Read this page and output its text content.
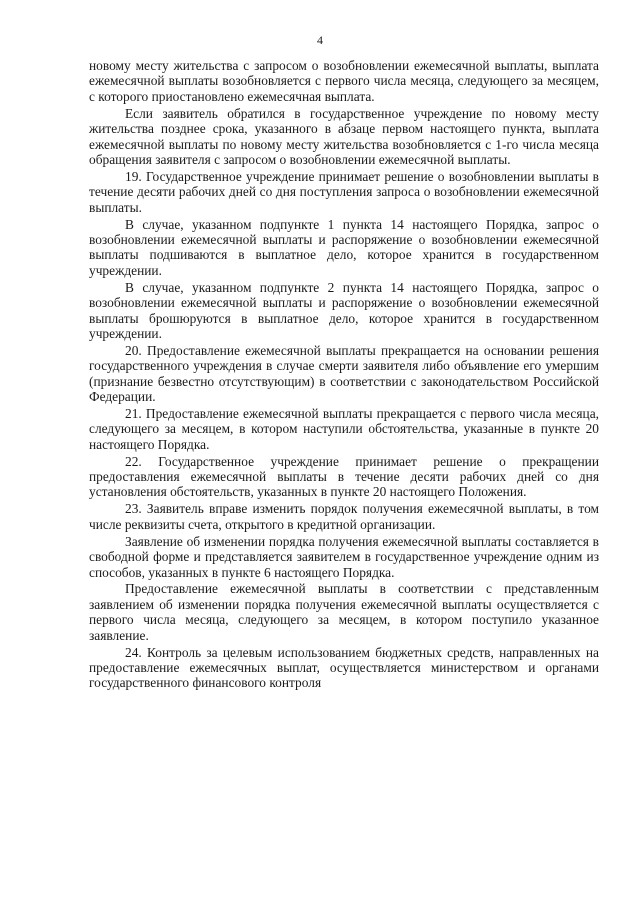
4

новому месту жительства с запросом о возобновлении ежемесячной выплаты, выплата ежемесячной выплаты возобновляется с первого числа месяца, следующего за месяцем, с которого приостановлено ежемесячная выплата.

Если заявитель обратился в государственное учреждение по новому месту жительства позднее срока, указанного в абзаце первом настоящего пункта, выплата ежемесячной выплаты по новому месту жительства возобновляется с 1-го числа месяца обращения заявителя с запросом о возобновлении ежемесячной выплаты.

19. Государственное учреждение принимает решение о возобновлении выплаты в течение десяти рабочих дней со дня поступления запроса о возобновлении ежемесячной выплаты.

В случае, указанном подпункте 1 пункта 14 настоящего Порядка, запрос о возобновлении ежемесячной выплаты и распоряжение о возобновлении ежемесячной выплаты подшиваются в выплатное дело, которое хранится в государственном учреждении.

В случае, указанном подпункте 2 пункта 14 настоящего Порядка, запрос о возобновлении ежемесячной выплаты и распоряжение о возобновлении ежемесячной выплаты брошюруются в выплатное дело, которое хранится в государственном учреждении.

20. Предоставление ежемесячной выплаты прекращается на основании решения государственного учреждения в случае смерти заявителя либо объявление его умершим (признание безвестно отсутствующим) в соответствии с законодательством Российской Федерации.

21. Предоставление ежемесячной выплаты прекращается с первого числа месяца, следующего за месяцем, в котором наступили обстоятельства, указанные в пункте 20 настоящего Порядка.

22. Государственное учреждение принимает решение о прекращении предоставления ежемесячной выплаты в течение десяти рабочих дней со дня установления обстоятельств, указанных в пункте 20 настоящего Положения.

23. Заявитель вправе изменить порядок получения ежемесячной выплаты, в том числе реквизиты счета, открытого в кредитной организации.

Заявление об изменении порядка получения ежемесячной выплаты составляется в свободной форме и представляется заявителем в государственное учреждение одним из способов, указанных в пункте 6 настоящего Порядка.

Предоставление ежемесячной выплаты в соответствии с представленным заявлением об изменении порядка получения ежемесячной выплаты осуществляется с первого числа месяца, следующего за месяцем, в котором поступило указанное заявление.

24. Контроль за целевым использованием бюджетных средств, направленных на предоставление ежемесячных выплат, осуществляется министерством и органами государственного финансового контроля
